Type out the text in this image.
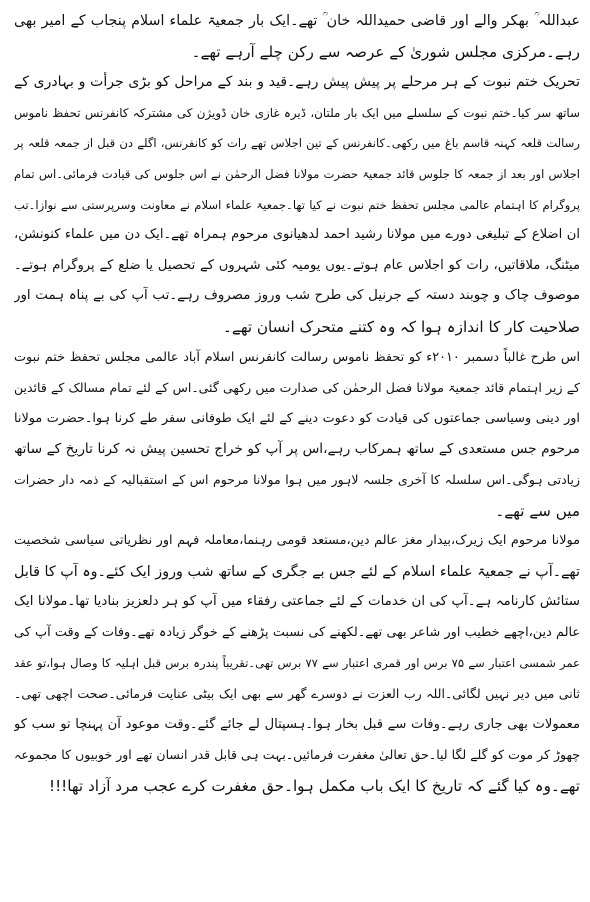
عبداللہ ؒ بھکر والے اور قاضی حمیداللہ خان ؒ تھے۔ایک بار جمعیۃ علماء اسلام پنجاب کے امیر بھی
رہے۔مرکزی مجلس شوریٰ کے عرصہ سے رکن چلے آرہے تھے۔
تحریک ختم نبوت کے ہر مرحلے پر پیش پیش رہے۔قید و بند کے مراحل کو بڑی جرأت و بہادری کے
ساتھ سر کیا۔ختم نبوت کے سلسلے میں ایک بار ملتان، ڈیرہ غازی خان ڈویژن کی مشترکہ کانفرنس تحفظ ناموس
رسالت قلعہ کہنہ قاسم باغ میں رکھی۔کانفرنس کے تین اجلاس تھے رات کو کانفرنس، اگلے دن قبل از جمعہ قلعہ پر
اجلاس اور بعد از جمعہ کا جلوس قائد جمعیۃ حضرت مولانا فضل الرحمٰن نے اس جلوس کی قیادت فرمائی۔اس تمام
پروگرام کا اہتمام عالمی مجلس تحفظ ختم نبوت نے کیا تھا۔جمعیۃ علماء اسلام نے معاونت وسرپرستی سے نوازا۔تب
ان اضلاع کے تبلیغی دورے میں مولانا رشید احمد لدھیانوی مرحوم ہمراہ تھے۔ایک دن میں علماء کنونشن،
میٹنگ، ملاقاتیں، رات کو اجلاس عام ہوتے۔یوں یومیہ کئی شہروں کے تحصیل یا ضلع کے پروگرام ہوتے۔
موصوف چاک و چوبند دستہ کے جرنیل کی طرح شب وروز مصروف رہے۔تب آپ کی بے پناہ ہمت اور
صلاحیت کار کا اندازہ ہوا کہ وہ کتنے متحرک انسان تھے۔
اس طرح غالباً دسمبر ۲۰۱۰ء کو تحفظ ناموس رسالت کانفرنس اسلام آباد عالمی مجلس تحفظ ختم نبوت
کے زیر اہتمام قائد جمعیۃ مولانا فضل الرحمٰن کی صدارت میں رکھی گئی۔اس کے لئے تمام مسالک کے قائدین
اور دینی وسیاسی جماعتوں کی قیادت کو دعوت دینے کے لئے ایک طوفانی سفر طے کرنا ہوا۔حضرت مولانا
مرحوم جس مستعدی کے ساتھ ہمرکاب رہے،اس پر آپ کو خراج تحسین پیش نہ کرنا تاریخ کے ساتھ
زیادتی ہوگی۔اس سلسلہ کا آخری جلسہ لاہور میں ہوا مولانا مرحوم اس کے استقبالیہ کے ذمہ دار حضرات
میں سے تھے۔
مولانا مرحوم ایک زیرک،بیدار مغز عالم دین،مستعد قومی رہنما،معاملہ فہم اور نظریاتی سیاسی شخصیت
تھے۔آپ نے جمعیۃ علماء اسلام کے لئے جس بے جگری کے ساتھ شب وروز ایک کئے۔وہ آپ کا قابل
ستائش کارنامہ ہے۔آپ کی ان خدمات کے لئے جماعتی رفقاء میں آپ کو ہر دلعزیز بنادیا تھا۔مولانا ایک
عالم دین،اچھے خطیب اور شاعر بھی تھے۔لکھنے کی نسبت پڑھنے کے خوگر زیادہ تھے۔وفات کے وقت آپ کی
عمر شمسی اعتبار سے ۷۵ برس اور قمری اعتبار سے ۷۷ برس تھی۔تقریباً پندرہ برس قبل اہلیہ کا وصال ہوا،تو عقد
ثانی میں دیر نہیں لگائی۔اللہ رب العزت نے دوسرے گھر سے بھی ایک بیٹی عنایت فرمائی۔صحت اچھی تھی۔
معمولات بھی جاری رہے۔وفات سے قبل بخار ہوا۔ہسپتال لے جائے گئے۔وقت موعود آن پہنچا تو سب کو
چھوڑ کر موت کو گلے لگا لیا۔حق تعالیٰ مغفرت فرمائیں۔بہت ہی قابل قدر انسان تھے اور خوبیوں کا مجموعہ
تھے۔وہ کیا گئے کہ تاریخ کا ایک باب مکمل ہوا۔حق مغفرت کرے عجب مرد آزاد تھا!!!
